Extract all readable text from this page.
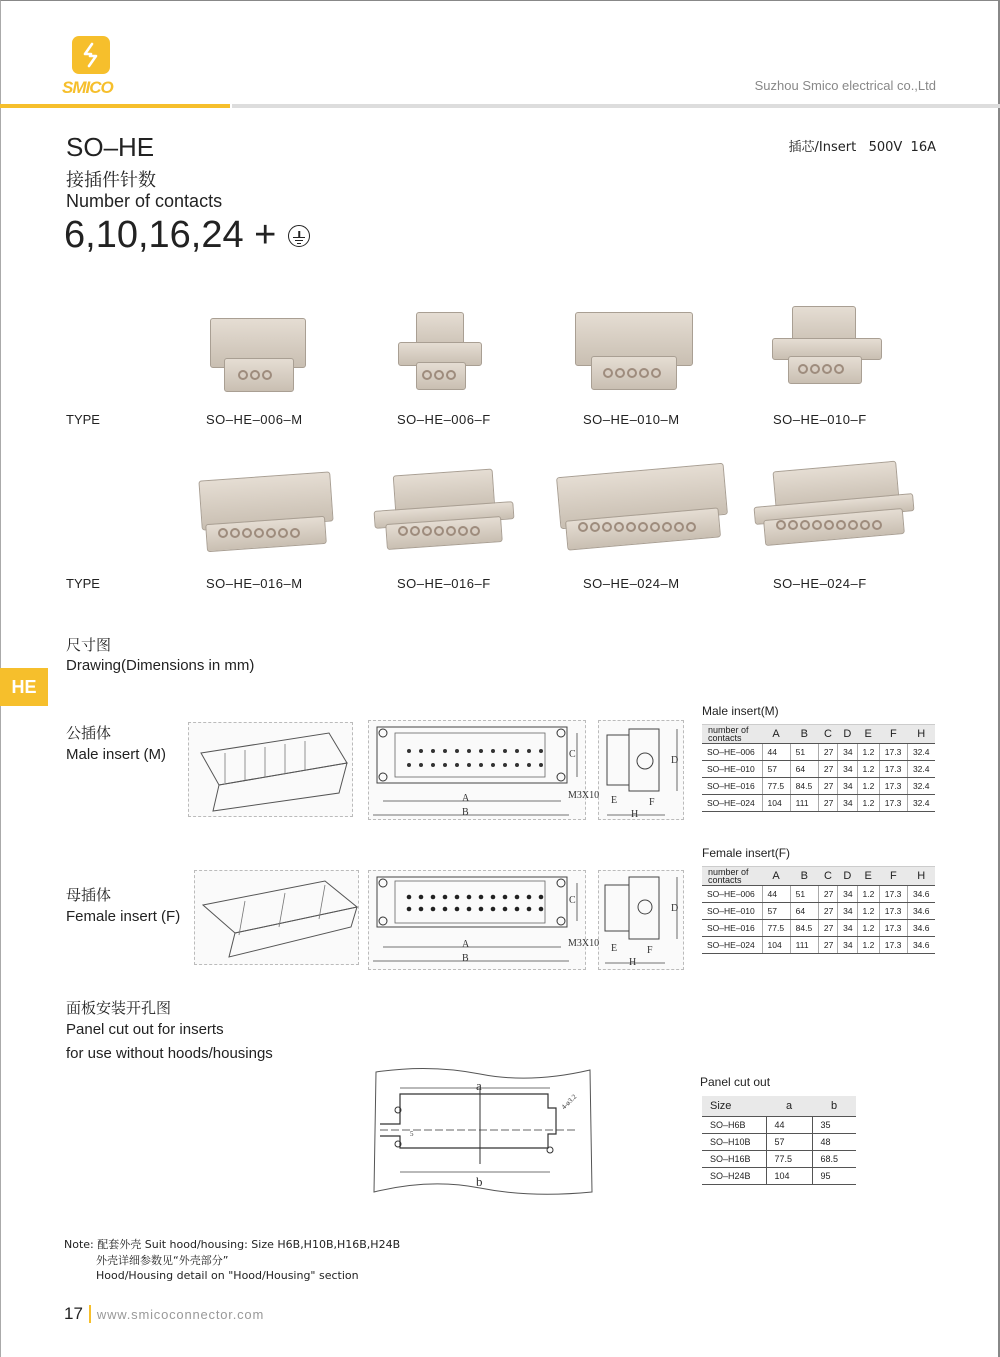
SMICO	Suzhou Smico electrical co.,Ltd
SO–HE
接插件针数
Number of contacts
6,10,16,24 +
插芯/Insert   500V  16A
TYPE	SO–HE–006–M	SO–HE–006–F	SO–HE–010–M	SO–HE–010–F
TYPE	SO–HE–016–M	SO–HE–016–F	SO–HE–024–M	SO–HE–024–F
尺寸图
Drawing(Dimensions in mm)
HE
公插体
Male insert (M)
A
B
C
D
E	F
H
M3X10
Male insert(M)
number of contacts	A	B	C	D	E	F	H
SO–HE–006	44	51	27	34	1.2	17.3	32.4
SO–HE–010	57	64	27	34	1.2	17.3	32.4
SO–HE–016	77.5	84.5	27	34	1.2	17.3	32.4
SO–HE–024	104	111	27	34	1.2	17.3	32.4
母插体
Female insert (F)
A
B
C
D
E	F
H
M3X10
Female insert(F)
number of contacts	A	B	C	D	E	F	H
SO–HE–006	44	51	27	34	1.2	17.3	34.6
SO–HE–010	57	64	27	34	1.2	17.3	34.6
SO–HE–016	77.5	84.5	27	34	1.2	17.3	34.6
SO–HE–024	104	111	27	34	1.2	17.3	34.6
面板安装开孔图
Panel cut out for inserts
for use without hoods/housings
a
b
4-ø3.2
5
Panel cut out
Size	a	b
SO–H6B	44	35
SO–H10B	57	48
SO–H16B	77.5	68.5
SO–H24B	104	95
Note: 配套外壳 Suit hood/housing: Size H6B,H10B,H16B,H24B
外壳详细参数见“外壳部分”
Hood/Housing detail on "Hood/Housing" section
17 www.smicoconnector.com
